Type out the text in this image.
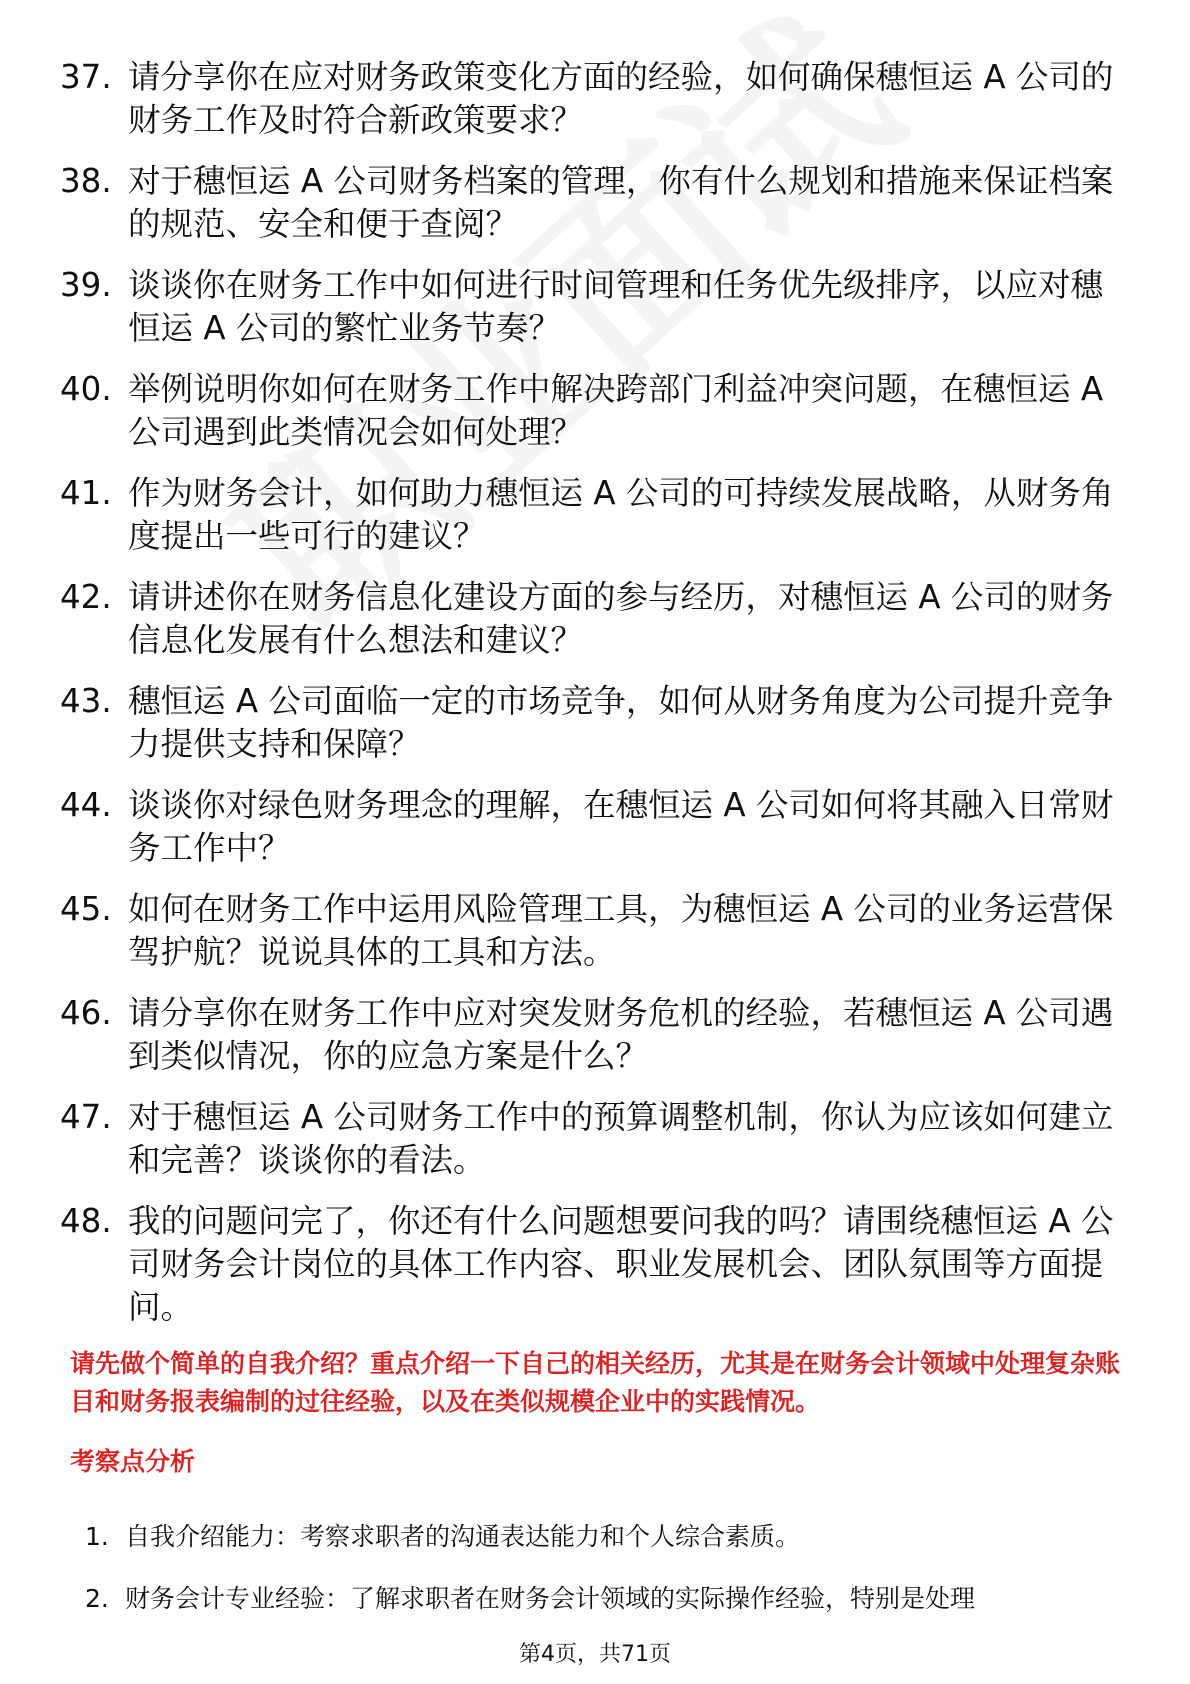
37. 请分享你在应对财务政策变化方面的经验，如何确保穗恒运 A 公司的财务工作及时符合新政策要求？
38. 对于穗恒运 A 公司财务档案的管理，你有什么规划和措施来保证档案的规范、安全和便于查阅？
39. 谈谈你在财务工作中如何进行时间管理和任务优先级排序，以应对穗恒运 A 公司的繁忙业务节奏？
40. 举例说明你如何在财务工作中解决跨部门利益冲突问题，在穗恒运 A 公司遇到此类情况会如何处理？
41. 作为财务会计，如何助力穗恒运 A 公司的可持续发展战略，从财务角度提出一些可行的建议？
42. 请讲述你在财务信息化建设方面的参与经历，对穗恒运 A 公司的财务信息化发展有什么想法和建议？
43. 穗恒运 A 公司面临一定的市场竞争，如何从财务角度为公司提升竞争力提供支持和保障？
44. 谈谈你对绿色财务理念的理解，在穗恒运 A 公司如何将其融入日常财务工作中？
45. 如何在财务工作中运用风险管理工具，为穗恒运 A 公司的业务运营保驾护航？说说具体的工具和方法。
46. 请分享你在财务工作中应对突发财务危机的经验，若穗恒运 A 公司遇到类似情况，你的应急方案是什么？
47. 对于穗恒运 A 公司财务工作中的预算调整机制，你认为应该如何建立和完善？谈谈你的看法。
48. 我的问题问完了，你还有什么问题想要问我的吗？请围绕穗恒运 A 公司财务会计岗位的具体工作内容、职业发展机会、团队氛围等方面提问。
请先做个简单的自我介绍？重点介绍一下自己的相关经历，尤其是在财务会计领域中处理复杂账目和财务报表编制的过往经验，以及在类似规模企业中的实践情况。
考察点分析
1. 自我介绍能力：考察求职者的沟通表达能力和个人综合素质。
2. 财务会计专业经验：了解求职者在财务会计领域的实际操作经验，特别是处理
第4页，共71页
